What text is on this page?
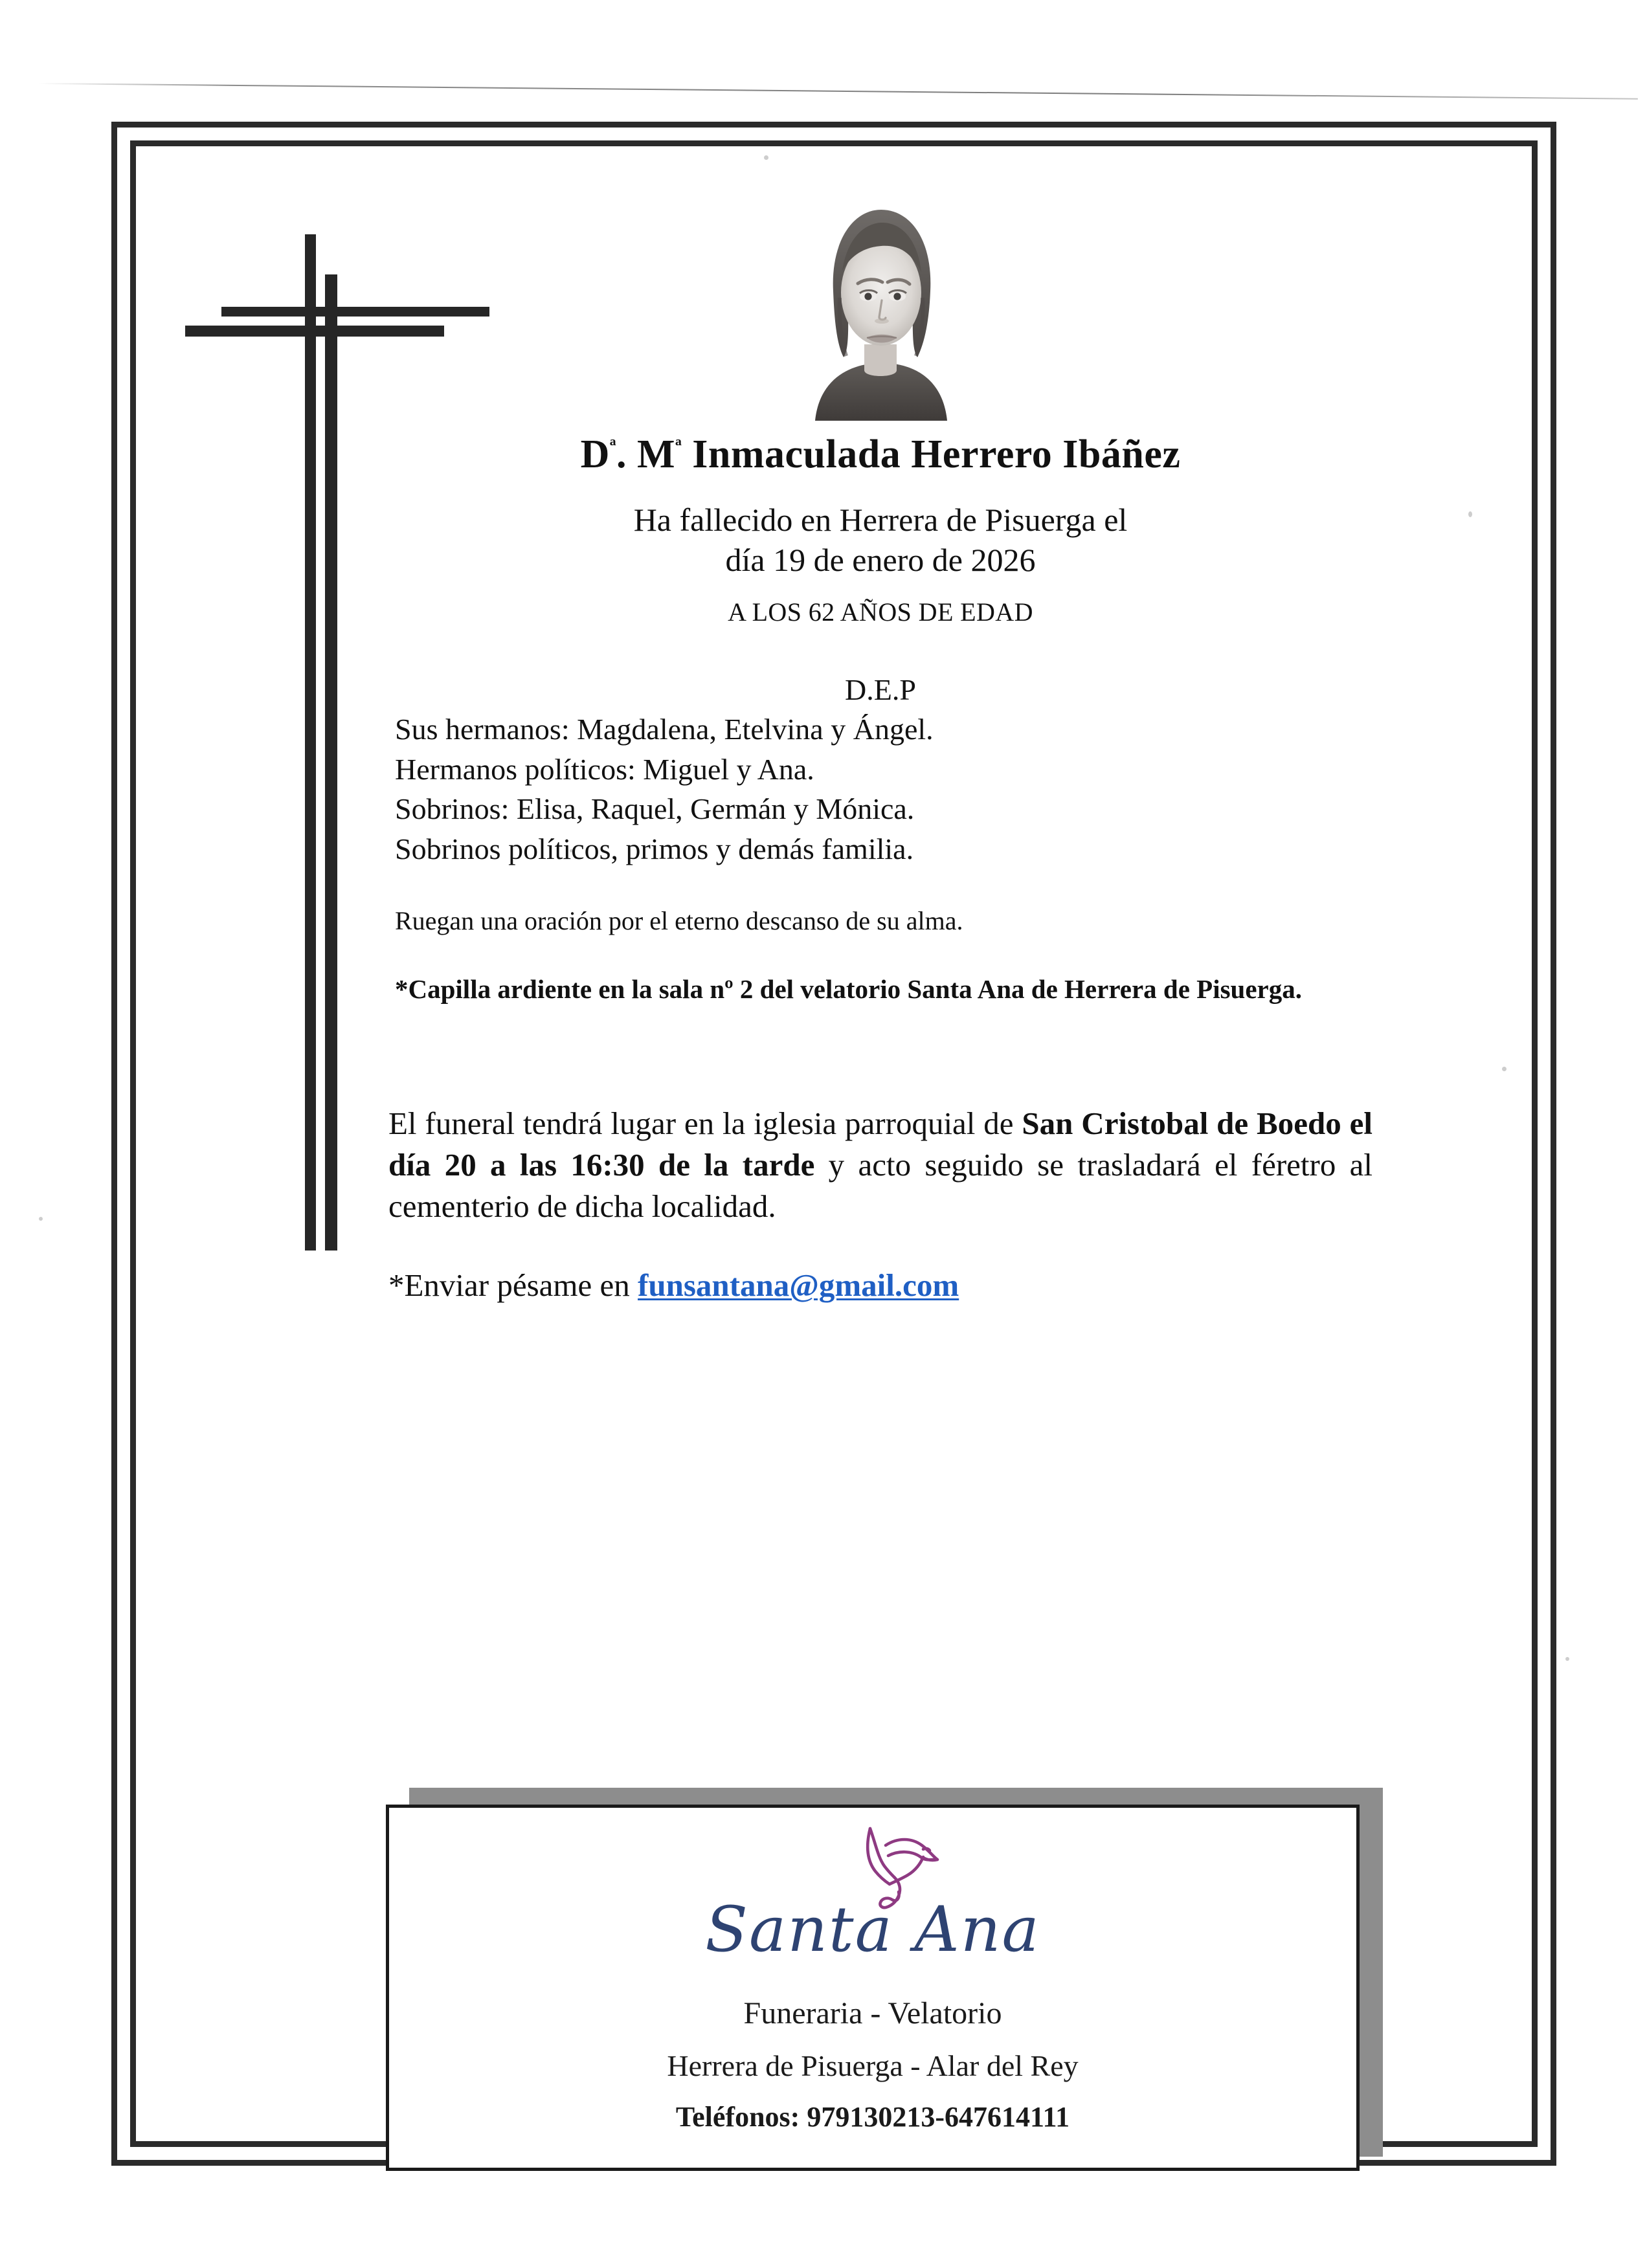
$D^ª$. $M^ª$ Inmaculada Herrero Ibáñez

Ha fallecido en Herrera de Pisuerga el
día 19 de enero de 2026

A LOS 62 AÑOS DE EDAD

D.E.P

Sus hermanos: Magdalena, Etelvina y Ángel.
Hermanos políticos: Miguel y Ana.
Sobrinos: Elisa, Raquel, Germán y Mónica.
Sobrinos políticos, primos y demás familia.

Ruegan una oración por el eterno descanso de su alma.

*Capilla ardiente en la sala nº 2 del velatorio Santa Ana de Herrera de Pisuerga.

El funeral tendrá lugar en la iglesia parroquial de San Cristobal de Boedo el día 20 a las 16:30 de la tarde y acto seguido se trasladará el féretro al cementerio de dicha localidad.

*Enviar pésame en funsantana@gmail.com

Santa Ana
Funeraria - Velatorio
Herrera de Pisuerga - Alar del Rey
Teléfonos: 979130213-647614111
